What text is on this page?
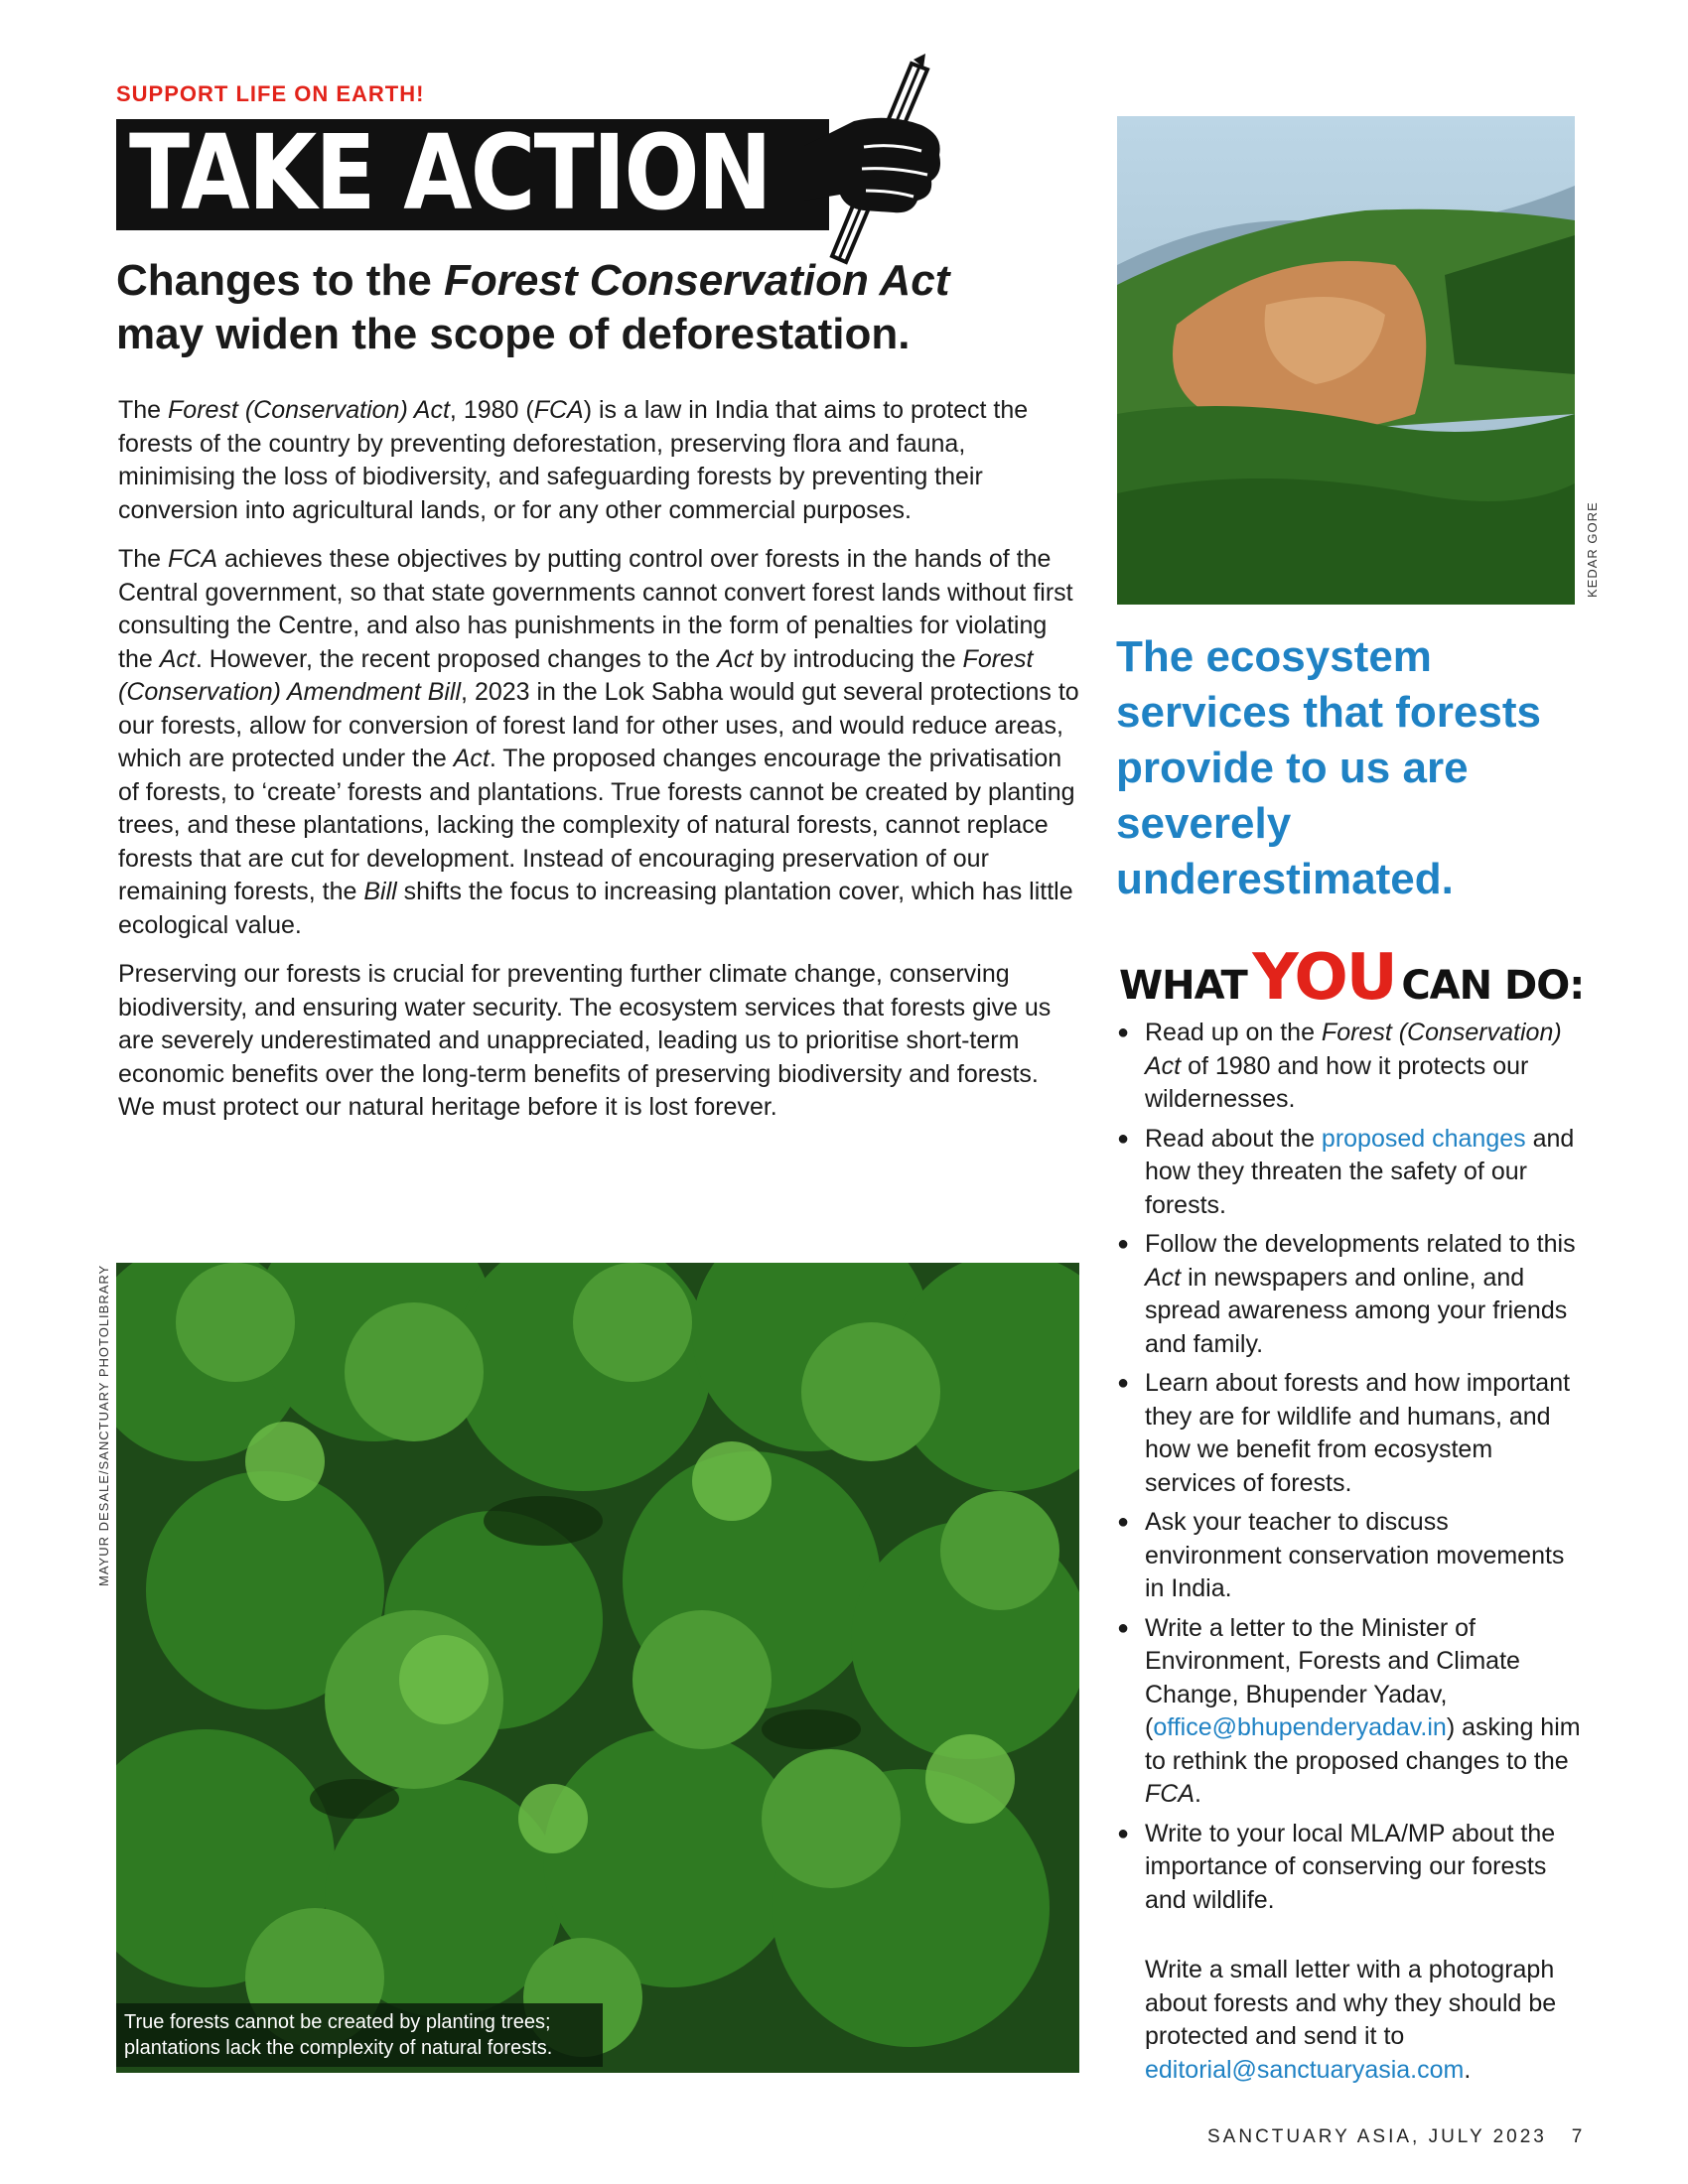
SUPPORT LIFE ON EARTH!
TAKE ACTION
Changes to the Forest Conservation Act
may widen the scope of deforestation.

The Forest (Conservation) Act, 1980 (FCA) is a law in India that aims to protect the forests of the country by preventing deforestation, preserving flora and fauna, minimising the loss of biodiversity, and safeguarding forests by preventing their conversion into agricultural lands, or for any other commercial purposes.

The FCA achieves these objectives by putting control over forests in the hands of the Central government, so that state governments cannot convert forest lands without first consulting the Centre, and also has punishments in the form of penalties for violating the Act. However, the recent proposed changes to the Act by introducing the Forest (Conservation) Amendment Bill, 2023 in the Lok Sabha would gut several protections to our forests, allow for conversion of forest land for other uses, and would reduce areas, which are protected under the Act. The proposed changes encourage the privatisation of forests, to ‘create’ forests and plantations. True forests cannot be created by planting trees, and these plantations, lacking the complexity of natural forests, cannot replace forests that are cut for development. Instead of encouraging preservation of our remaining forests, the Bill shifts the focus to increasing plantation cover, which has little ecological value.

Preserving our forests is crucial for preventing further climate change, conserving biodiversity, and ensuring water security. The ecosystem services that forests give us are severely underestimated and unappreciated, leading us to prioritise short-term economic benefits over the long-term benefits of preserving biodiversity and forests. We must protect our natural heritage before it is lost forever.

KEDAR GORE
The ecosystem services that forests provide to us are severely underestimated.
WHAT YOU CAN DO:
● Read up on the Forest (Conservation) Act of 1980 and how it protects our wildernesses.
● Read about the proposed changes and how they threaten the safety of our forests.
● Follow the developments related to this Act in newspapers and online, and spread awareness among your friends and family.
● Learn about forests and how important they are for wildlife and humans, and how we benefit from ecosystem services of forests.
● Ask your teacher to discuss environment conservation movements in India.
● Write a letter to the Minister of Environment, Forests and Climate Change, Bhupender Yadav, (office@bhupenderyadav.in) asking him to rethink the proposed changes to the FCA.
● Write to your local MLA/MP about the importance of conserving our forests and wildlife.
Write a small letter with a photograph about forests and why they should be protected and send it to editorial@sanctuaryasia.com.
MAYUR DESALE/SANCTUARY PHOTOLIBRARY
True forests cannot be created by planting trees;
plantations lack the complexity of natural forests.
SANCTUARY ASIA, JULY 2023 7
